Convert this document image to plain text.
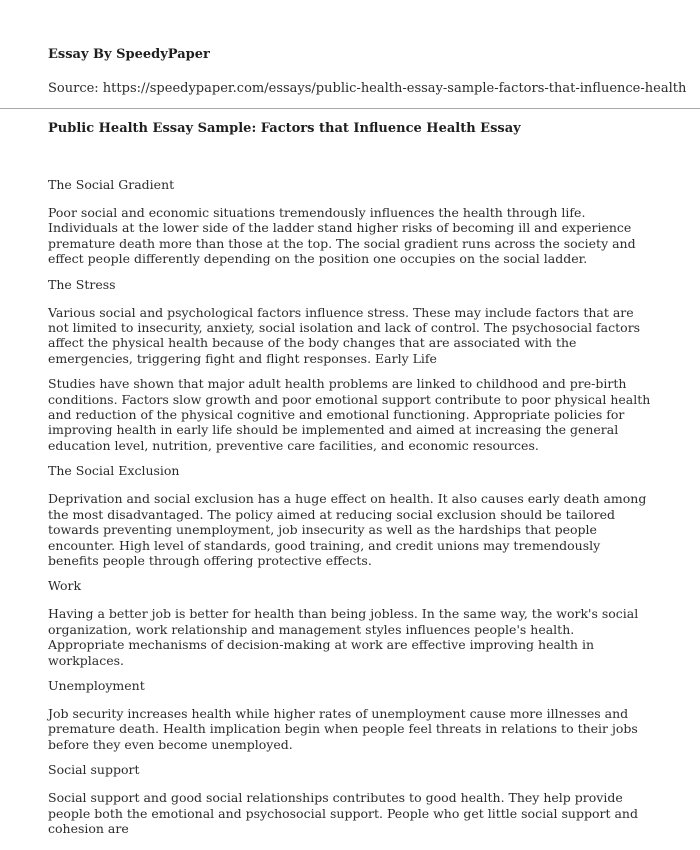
Essay By SpeedyPaper
Source: https://speedypaper.com/essays/public-health-essay-sample-factors-that-influence-health
Public Health Essay Sample: Factors that Influence Health Essay
The Social Gradient

Poor social and economic situations tremendously influences the health through life. Individuals at the lower side of the ladder stand higher risks of becoming ill and experience premature death more than those at the top. The social gradient runs across the society and effect people differently depending on the position one occupies on the social ladder.

The Stress

Various social and psychological factors influence stress. These may include factors that are not limited to insecurity, anxiety, social isolation and lack of control. The psychosocial factors affect the physical health because of the body changes that are associated with the emergencies, triggering fight and flight responses. Early Life

Studies have shown that major adult health problems are linked to childhood and pre-birth conditions. Factors slow growth and poor emotional support contribute to poor physical health and reduction of the physical cognitive and emotional functioning. Appropriate policies for improving health in early life should be implemented and aimed at increasing the general education level, nutrition, preventive care facilities, and economic resources.

The Social Exclusion

Deprivation and social exclusion has a huge effect on health. It also causes early death among the most disadvantaged. The policy aimed at reducing social exclusion should be tailored towards preventing unemployment, job insecurity as well as the hardships that people encounter. High level of standards, good training, and credit unions may tremendously benefits people through offering protective effects.

Work

Having a better job is better for health than being jobless. In the same way, the work's social organization, work relationship and management styles influences people's health. Appropriate mechanisms of decision-making at work are effective improving health in workplaces.

Unemployment

Job security increases health while higher rates of unemployment cause more illnesses and premature death. Health implication begin when people feel threats in relations to their jobs before they even become unemployed.

Social support

Social support and good social relationships contributes to good health. They help provide people both the emotional and psychosocial support. People who get little social support and cohesion are
